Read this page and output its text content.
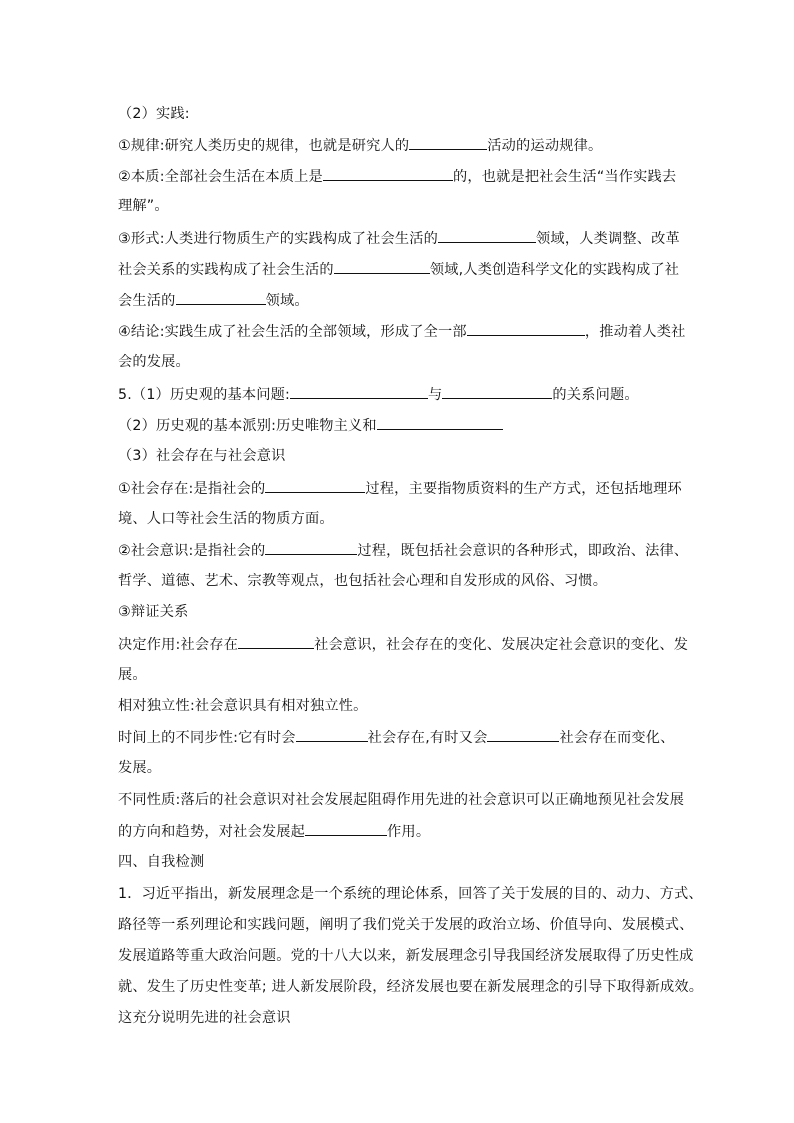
（2）实践:
①规律:研究人类历史的规律，也就是研究人的	活动的运动规律。
②本质:全部社会生活在本质上是	的，也就是把社会生活“当作实践去
理解”。
③形式:人类进行物质生产的实践构成了社会生活的	领域，人类调整、改革
社会关系的实践构成了社会生活的	领域,人类创造科学文化的实践构成了社
会生活的	领域。
④结论:实践生成了社会生活的全部领域，形成了全一部	，推动着人类社
会的发展。
5.（1）历史观的基本问题:	与	的关系问题。
（2）历史观的基本派别:历史唯物主义和
（3）社会存在与社会意识
①社会存在:是指社会的	过程，主要指物质资料的生产方式，还包括地理环
境、人口等社会生活的物质方面。
②社会意识:是指社会的	过程，既包括社会意识的各种形式，即政治、法律、
哲学、道德、艺术、宗教等观点，也包括社会心理和自发形成的风俗、习惯。
③辩证关系
决定作用:社会存在	社会意识，社会存在的变化、发展决定社会意识的变化、发
展。
相对独立性:社会意识具有相对独立性。
时间上的不同步性:它有时会	社会存在,有时又会	社会存在而变化、
发展。
不同性质:落后的社会意识对社会发展起阻碍作用先进的社会意识可以正确地预见社会发展
的方向和趋势，对社会发展起	作用。
四、自我检测
1．习近平指出，新发展理念是一个系统的理论体系，回答了关于发展的目的、动力、方式、
路径等一系列理论和实践问题，阐明了我们党关于发展的政治立场、价值导向、发展模式、
发展道路等重大政治问题。党的十八大以来，新发展理念引导我国经济发展取得了历史性成
就、发生了历史性变革; 进人新发展阶段，经济发展也要在新发展理念的引导下取得新成效。
这充分说明先进的社会意识
